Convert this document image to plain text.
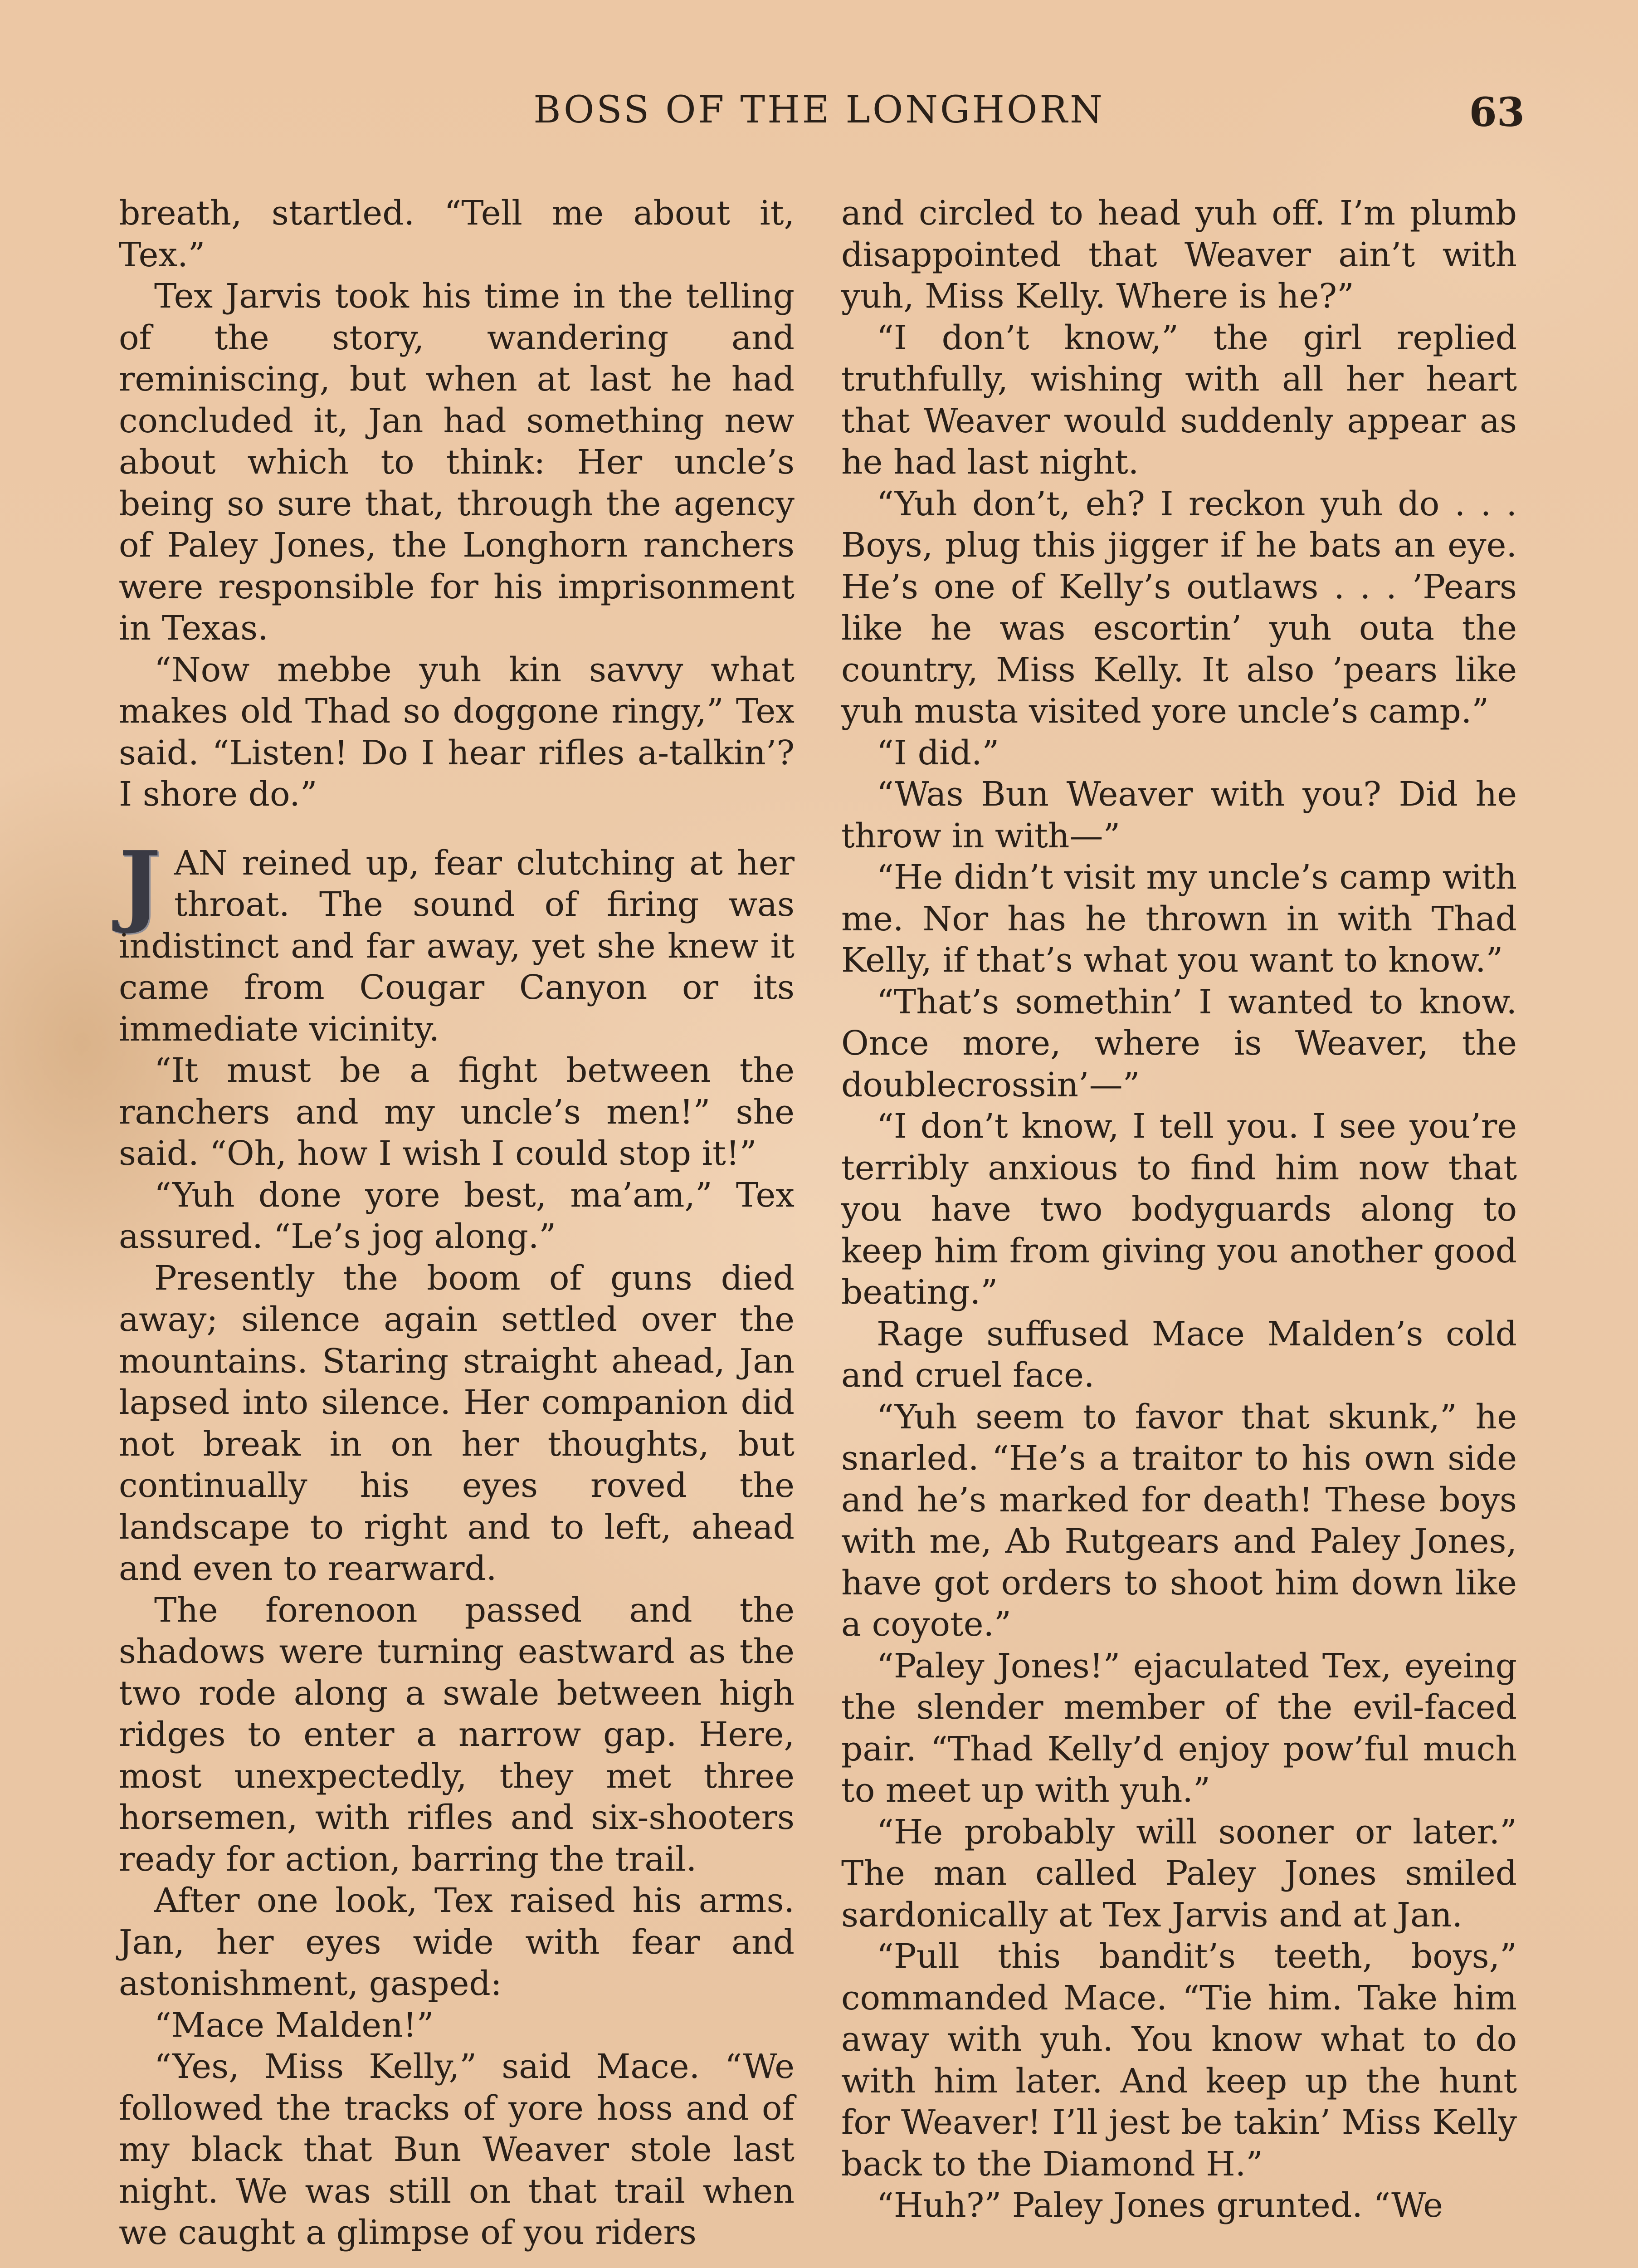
BOSS OF THE LONGHORN	63

breath, startled. “Tell me about it, Tex.”

Tex Jarvis took his time in the telling of the story, wandering and reminiscing, but when at last he had concluded it, Jan had something new about which to think: Her uncle’s being so sure that, through the agency of Paley Jones, the Longhorn ranchers were responsible for his imprisonment in Texas.

“Now mebbe yuh kin savvy what makes old Thad so doggone ringy,” Tex said. “Listen! Do I hear rifles a-talkin’? I shore do.”

JAN reined up, fear clutching at her throat. The sound of firing was indistinct and far away, yet she knew it came from Cougar Canyon or its immediate vicinity.

“It must be a fight between the ranchers and my uncle’s men!” she said. “Oh, how I wish I could stop it!”

“Yuh done yore best, ma’am,” Tex assured. “Le’s jog along.”

Presently the boom of guns died away; silence again settled over the mountains. Staring straight ahead, Jan lapsed into silence. Her companion did not break in on her thoughts, but continually his eyes roved the landscape to right and to left, ahead and even to rearward.

The forenoon passed and the shadows were turning eastward as the two rode along a swale between high ridges to enter a narrow gap. Here, most unexpectedly, they met three horsemen, with rifles and six-shooters ready for action, barring the trail.

After one look, Tex raised his arms. Jan, her eyes wide with fear and astonishment, gasped:

“Mace Malden!”

“Yes, Miss Kelly,” said Mace. “We followed the tracks of yore hoss and of my black that Bun Weaver stole last night. We was still on that trail when we caught a glimpse of you riders

and circled to head yuh off. I’m plumb disappointed that Weaver ain’t with yuh, Miss Kelly. Where is he?”

“I don’t know,” the girl replied truthfully, wishing with all her heart that Weaver would suddenly appear as he had last night.

“Yuh don’t, eh? I reckon yuh do . . . Boys, plug this jigger if he bats an eye. He’s one of Kelly’s outlaws . . . ’Pears like he was escortin’ yuh outa the country, Miss Kelly. It also ’pears like yuh musta visited yore uncle’s camp.”

“I did.”

“Was Bun Weaver with you? Did he throw in with—”

“He didn’t visit my uncle’s camp with me. Nor has he thrown in with Thad Kelly, if that’s what you want to know.”

“That’s somethin’ I wanted to know. Once more, where is Weaver, the doublecrossin’—”

“I don’t know, I tell you. I see you’re terribly anxious to find him now that you have two bodyguards along to keep him from giving you another good beating.”

Rage suffused Mace Malden’s cold and cruel face.

“Yuh seem to favor that skunk,” he snarled. “He’s a traitor to his own side and he’s marked for death! These boys with me, Ab Rutgears and Paley Jones, have got orders to shoot him down like a coyote.”

“Paley Jones!” ejaculated Tex, eyeing the slender member of the evil-faced pair. “Thad Kelly’d enjoy pow’ful much to meet up with yuh.”

“He probably will sooner or later.” The man called Paley Jones smiled sardonically at Tex Jarvis and at Jan.

“Pull this bandit’s teeth, boys,” commanded Mace. “Tie him. Take him away with yuh. You know what to do with him later. And keep up the hunt for Weaver! I’ll jest be takin’ Miss Kelly back to the Diamond H.”

“Huh?” Paley Jones grunted. “We
